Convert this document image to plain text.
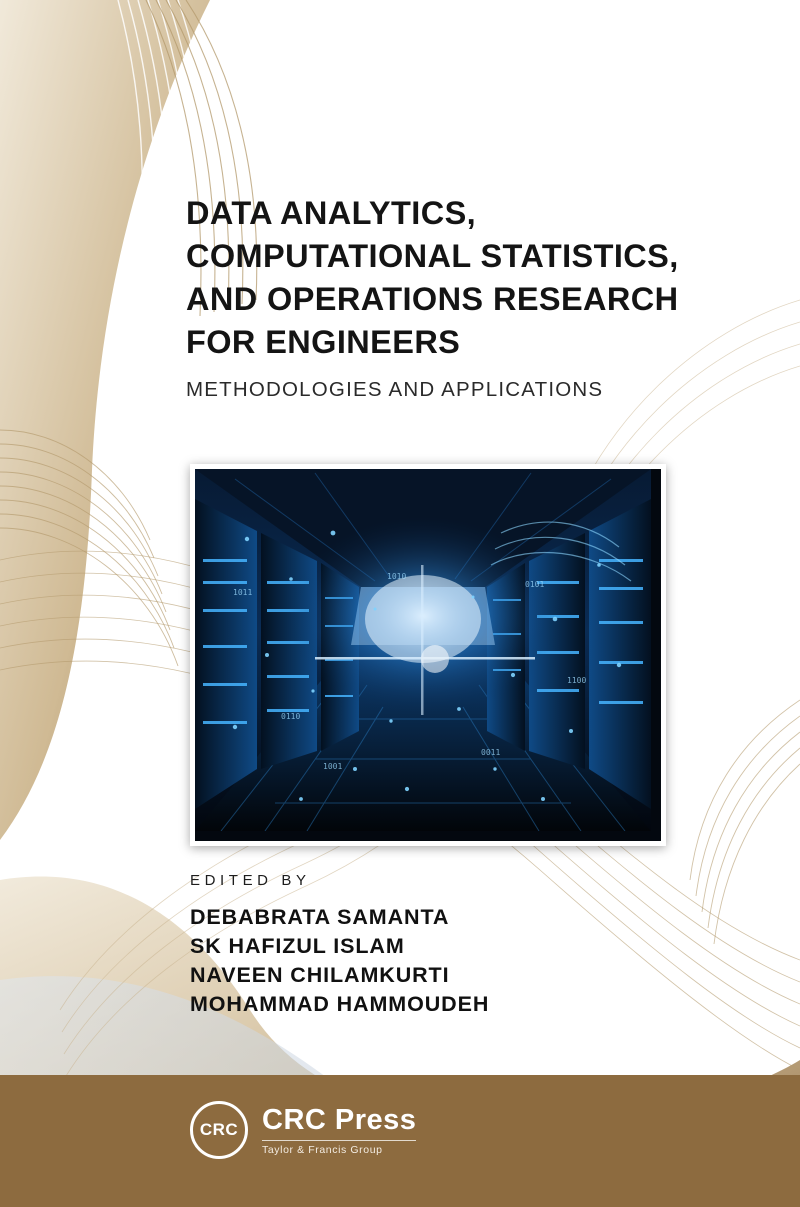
DATA ANALYTICS,
COMPUTATIONAL STATISTICS,
AND OPERATIONS RESEARCH
FOR ENGINEERS
METHODOLOGIES AND APPLICATIONS
1011
0110
1001
0101
1100
0011
1010
EDITED BY
DEBABRATA SAMANTA
SK HAFIZUL ISLAM
NAVEEN CHILAMKURTI
MOHAMMAD HAMMOUDEH
CRC CRC Press
Taylor & Francis Group
